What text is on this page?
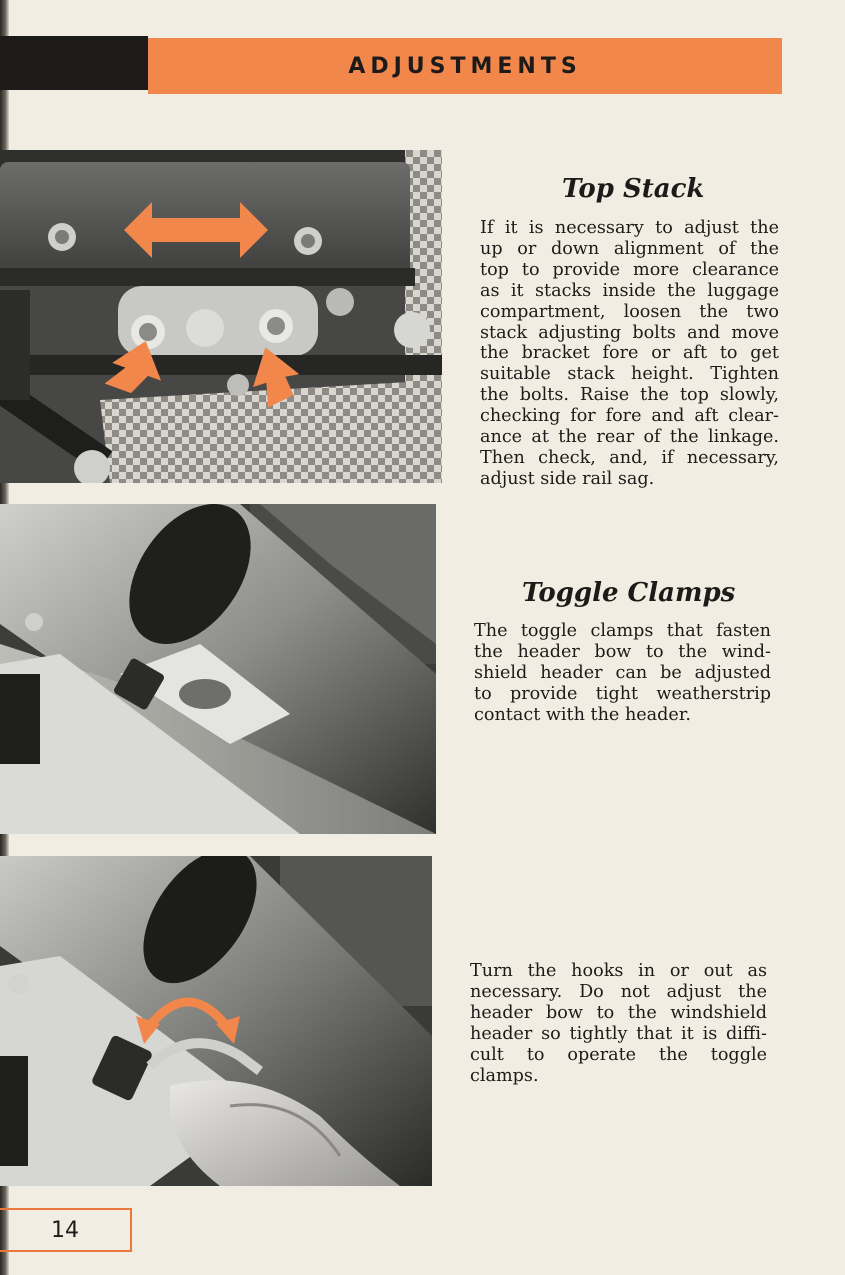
ADJUSTMENTS
Top Stack

If it is necessary to adjust the
up or down alignment of the
top to provide more clearance
as it stacks inside the luggage
compartment, loosen the two
stack adjusting bolts and move
the bracket fore or aft to get
suitable stack height. Tighten
the bolts. Raise the top slowly,
checking for fore and aft clear-
ance at the rear of the linkage.
Then check, and, if necessary,
adjust side rail sag.

Toggle Clamps

The toggle clamps that fasten
the header bow to the wind-
shield header can be adjusted
to provide tight weatherstrip
contact with the header.

Turn the hooks in or out as
necessary. Do not adjust the
header bow to the windshield
header so tightly that it is diffi-
cult to operate the toggle
clamps.

14
